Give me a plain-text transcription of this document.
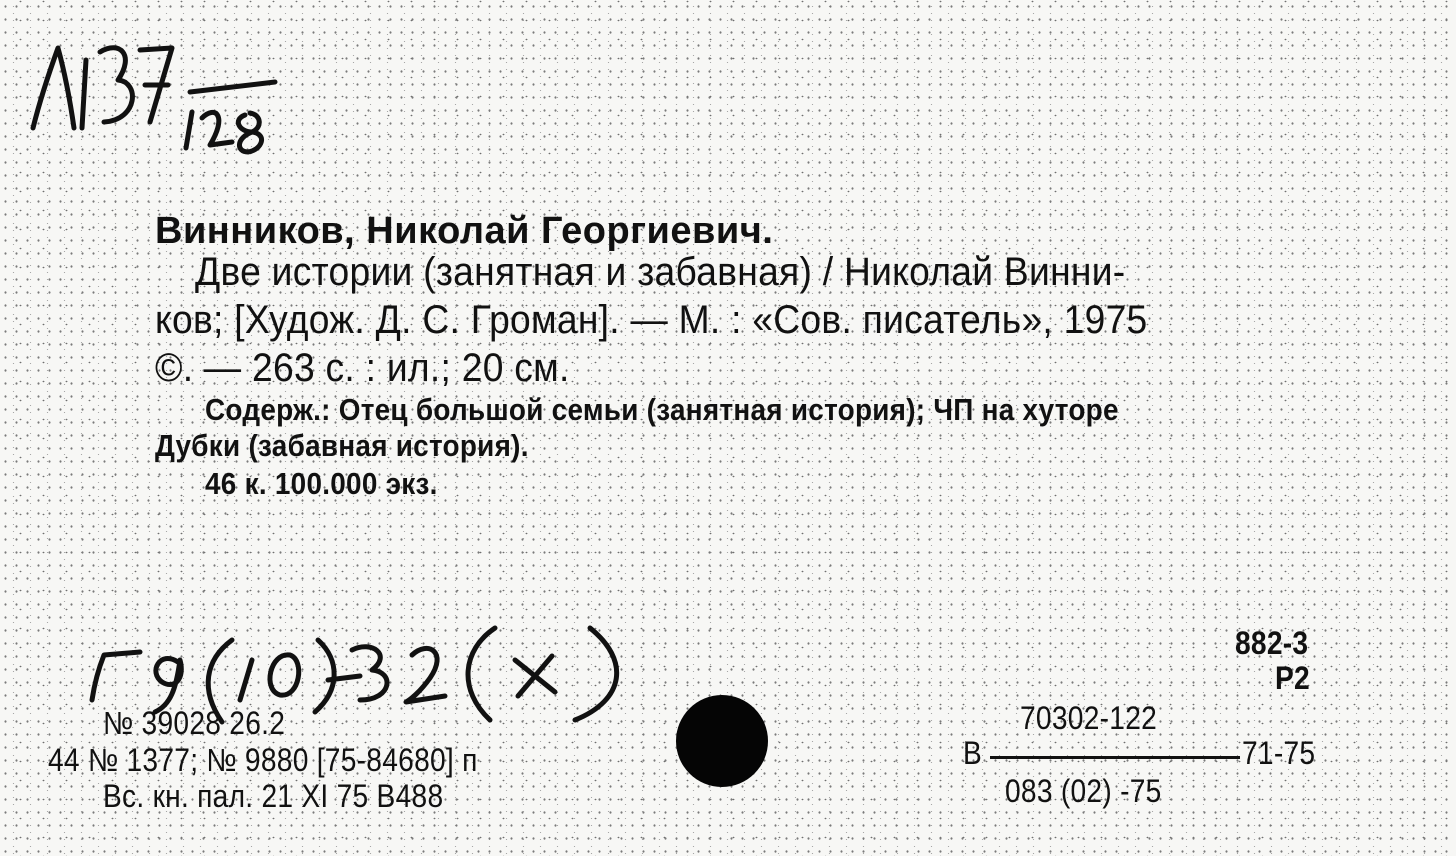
Винников, Николай Георгиевич.
Две истории (занятная и забавная) / Николай Винни-
ков; [Худож. Д. С. Громан]. — М. : «Сов. писатель», 1975
©. — 263 с. : ил.; 20 см.
Содерж.: Отец большой семьи (занятная история); ЧП на хуторе
Дубки (забавная история).
46 к. 100.000 экз.
№ 39028 26.2
44 № 1377; № 9880 [75-84680] п
Вс. кн. пал. 21 XI 75 В488
882-3
Р2
70302-122
В	71-75
083 (02) -75
